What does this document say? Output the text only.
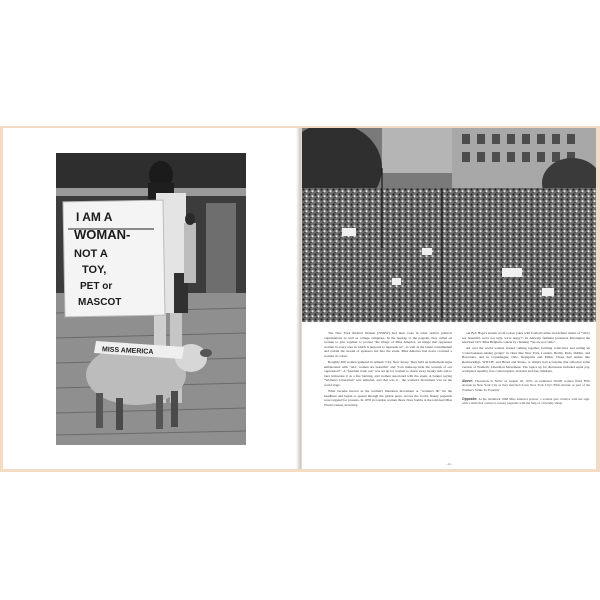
I AM A
WOMAN-
NOT A
TOY,
PET or
MASCOT
MISS AMERICA

The New York Radical Women (NYRW) had their roots in other radical political organisations as well as college campuses. In the lead-up to the pageant, they called on women to join together to protest "the image of Miss America, an image that oppresses women in every area in which it purports to represent us", as well as the latent consumerism and racism the stream of sponsors fed into the event. Miss America had never crowned a woman of colour.

Roughly 400 women gathered in Atlantic City, New Jersey. They held up homemade signs emblazoned with "ALL women are beautiful" and "Can make-up hide the wounds of our oppression?". A "freedom trash can" was set up for women to chuck away beauty aids and to later incinerate it as a fire burning, and women associated with the event. A banner saying "Women's Liberation" was unfurled, and that was it - the women's movement was on the world stage.

What became known as the women's liberation movement or "women's lib" hit the headlines and began to spread through the global press. Across the world, beauty pageants were targeted for protests. In 1970 in London women threw flour bombs at the televised Miss World contest, drowning

out Bob Hope's stream of off-colour jokes with football rattles and defiant chants of "We're not beautiful, we're not ugly, we're angry!". In Antwerp feminist protesters interrupted the televised 1971 Miss Belgium contest by chanting "We are not cattle".

All over the world women started coming together, forming collectives and setting up "consciousness-raising groups" in cities like New York, London, Berlin, Paris, Dublin, and Barcelona, and in Copenhagen, Oslo, Reykjavik and Milan. Those had names like Redstockings, WITCH, and Bread and Roses, or simply had acronyms that reflected some version of Women's Liberation Movement. The topics up for discussion included equal pay, workplace equality, free contraception, abortion and free childcare.

Above: Thousands in NOW on August 26, 1970, an estimated 50,000 women filled Fifth Avenue in New York City as they marched down New York City's Fifth Avenue as part of the Women's Strike for Equality.
Opposite: At the landmark 1968 Miss America protest, a woman gets creative with her sign, with a lamb that a mascot, beauty pageants with the help of a friendly sheep.
- 44 -
